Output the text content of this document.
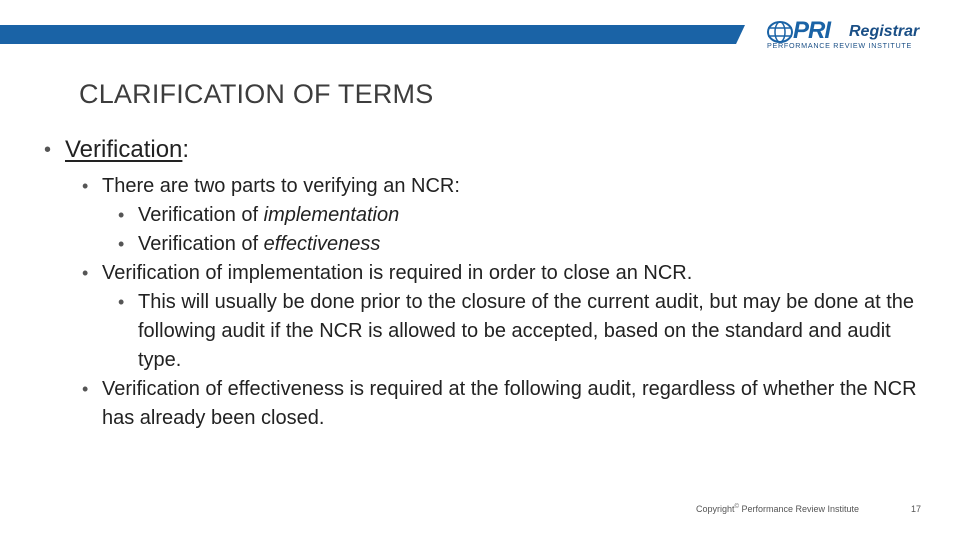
PRI Registrar
PERFORMANCE REVIEW INSTITUTE
CLARIFICATION OF TERMS
• Verification:
• There are two parts to verifying an NCR:
• Verification of implementation
• Verification of effectiveness
• Verification of implementation is required in order to close an NCR.
• This will usually be done prior to the closure of the current audit, but may be done at the following audit if the NCR is allowed to be accepted, based on the standard and audit type.
• Verification of effectiveness is required at the following audit, regardless of whether the NCR has already been closed.
Copyright© Performance Review Institute	17
